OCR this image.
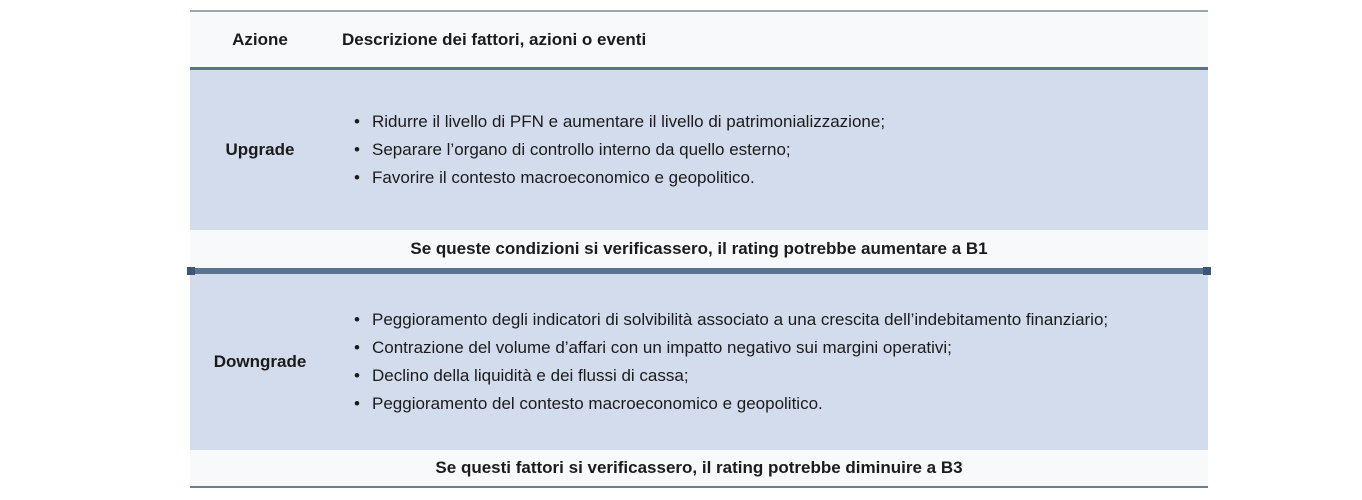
Azione	Descrizione dei fattori, azioni o eventi
Upgrade
• Ridurre il livello di PFN e aumentare il livello di patrimonializzazione;
• Separare l’organo di controllo interno da quello esterno;
• Favorire il contesto macroeconomico e geopolitico.
Se queste condizioni si verificassero, il rating potrebbe aumentare a B1
Downgrade
• Peggioramento degli indicatori di solvibilità associato a una crescita dell’indebitamento finanziario;
• Contrazione del volume d’affari con un impatto negativo sui margini operativi;
• Declino della liquidità e dei flussi di cassa;
• Peggioramento del contesto macroeconomico e geopolitico.
Se questi fattori si verificassero, il rating potrebbe diminuire a B3
